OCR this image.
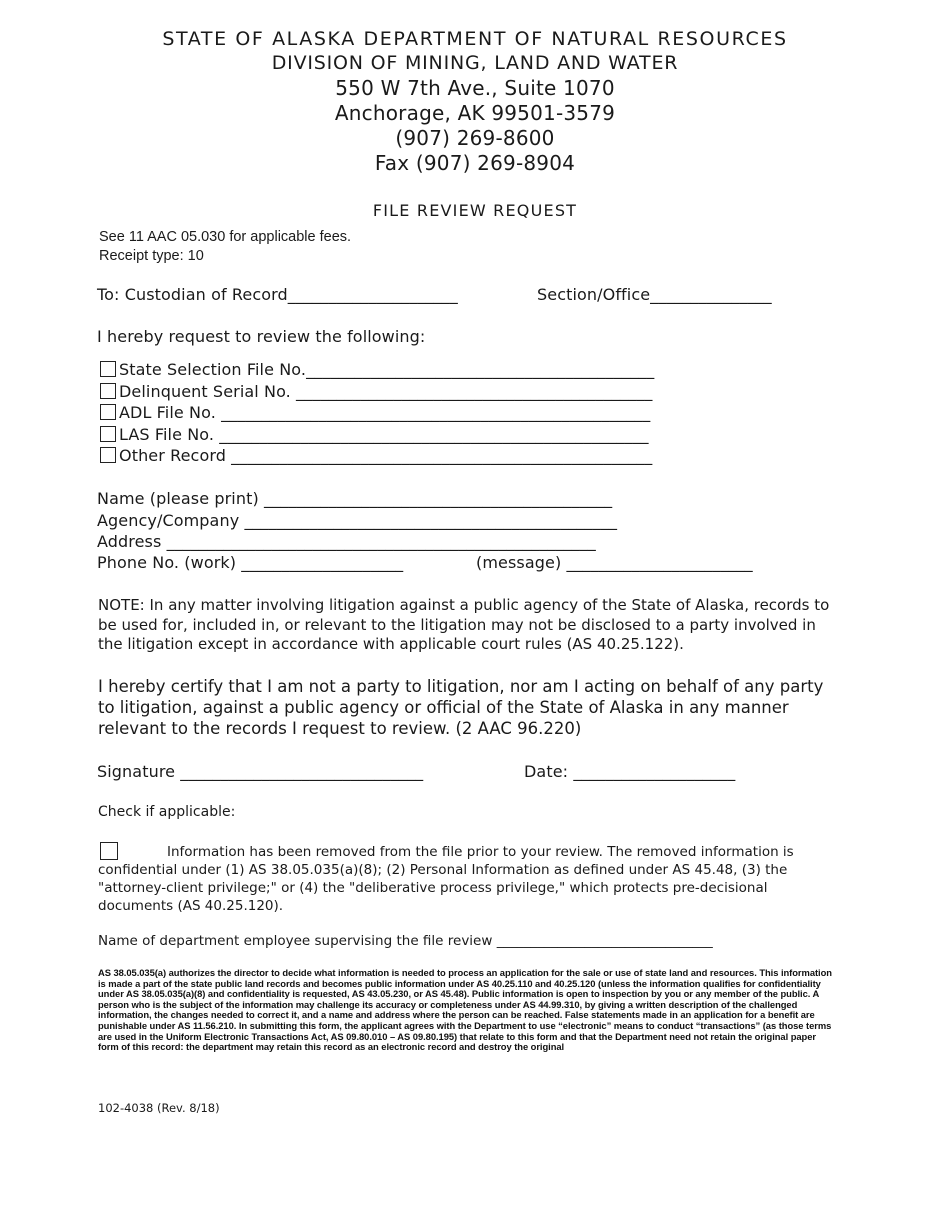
STATE OF ALASKA DEPARTMENT OF NATURAL RESOURCES
DIVISION OF MINING, LAND AND WATER
550 W 7th Ave., Suite 1070
Anchorage, AK 99501-3579
(907) 269-8600
Fax (907) 269-8904
FILE REVIEW REQUEST
See 11 AAC 05.030 for applicable fees.
Receipt type: 10
To: Custodian of Record_____________________	Section/Office_______________
I hereby request to review the following:
State Selection File No.___________________________________________
Delinquent Serial No. ____________________________________________
ADL File No. _____________________________________________________
LAS File No. _____________________________________________________
Other Record ____________________________________________________
Name (please print) ___________________________________________
Agency/Company ______________________________________________
Address _____________________________________________________
Phone No. (work) ____________________	(message) _______________________
NOTE: In any matter involving litigation against a public agency of the State of Alaska, records to be used for, included in, or relevant to the litigation may not be disclosed to a party involved in the litigation except in accordance with applicable court rules (AS 40.25.122).
I hereby certify that I am not a party to litigation, nor am I acting on behalf of any party to litigation, against a public agency or official of the State of Alaska in any manner relevant to the records I request to review. (2 AAC 96.220)
Signature ______________________________	Date: ____________________
Check if applicable:
Information has been removed from the file prior to your review. The removed information is confidential under (1) AS 38.05.035(a)(8); (2) Personal Information as defined under AS 45.48, (3) the "attorney-client privilege;" or (4) the "deliberative process privilege," which protects pre-decisional documents (AS 40.25.120).
Name of department employee supervising the file review ________________________________
AS 38.05.035(a) authorizes the director to decide what information is needed to process an application for the sale or use of state land and resources. This information is made a part of the state public land records and becomes public information under AS 40.25.110 and 40.25.120 (unless the information qualifies for confidentiality under AS 38.05.035(a)(8) and confidentiality is requested, AS 43.05.230, or AS 45.48). Public information is open to inspection by you or any member of the public. A person who is the subject of the information may challenge its accuracy or completeness under AS 44.99.310, by giving a written description of the challenged information, the changes needed to correct it, and a name and address where the person can be reached. False statements made in an application for a benefit are punishable under AS 11.56.210. In submitting this form, the applicant agrees with the Department to use “electronic” means to conduct “transactions” (as those terms are used in the Uniform Electronic Transactions Act, AS 09.80.010 – AS 09.80.195) that relate to this form and that the Department need not retain the original paper form of this record: the department may retain this record as an electronic record and destroy the original
102-4038 (Rev. 8/18)
